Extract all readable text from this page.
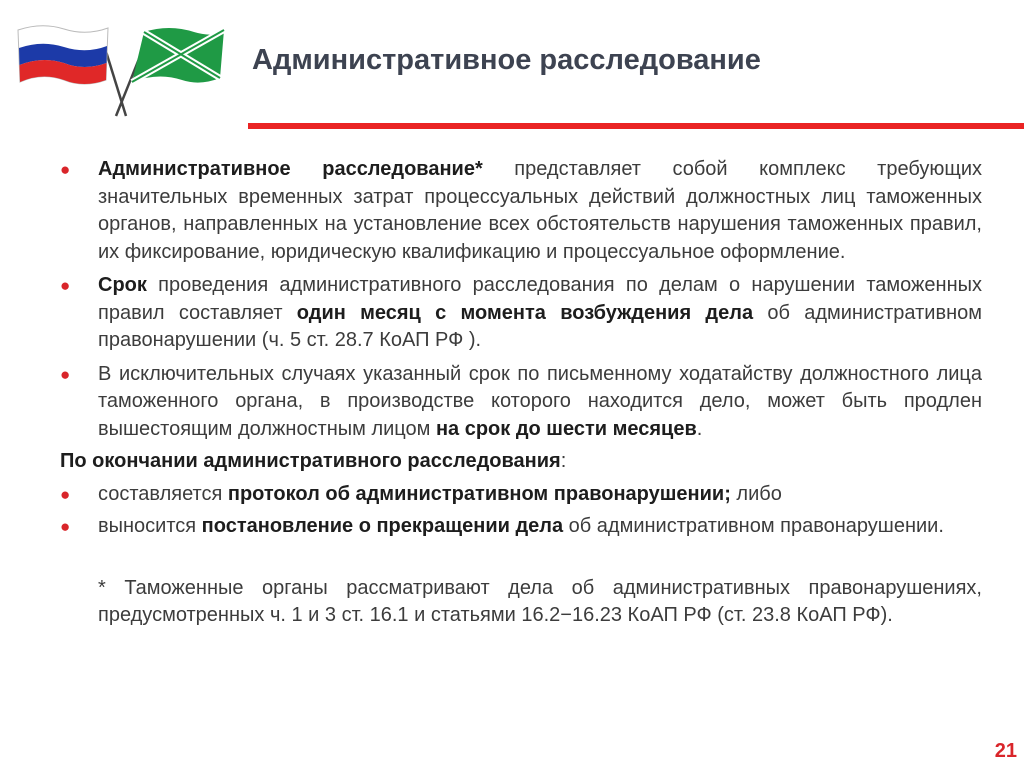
Административное расследование
● Административное расследование* представляет собой комплекс требующих значительных временных затрат процессуальных действий должностных лиц таможенных органов, направленных на установление всех обстоятельств нарушения таможенных правил, их фиксирование, юридическую квалификацию и процессуальное оформление.
● Срок проведения административного расследования по делам о нарушении таможенных правил составляет один месяц с момента возбуждения дела об административном правонарушении (ч. 5 ст. 28.7 КоАП РФ ).
● В исключительных случаях указанный срок по письменному ходатайству должностного лица таможенного органа, в производстве которого находится дело, может быть продлен вышестоящим должностным лицом на срок до шести месяцев.
По окончании административного расследования:
● составляется протокол об административном правонарушении; либо
● выносится постановление о прекращении дела об административном правонарушении.
* Таможенные органы рассматривают дела об административных правонарушениях, предусмотренных ч. 1 и 3 ст. 16.1 и статьями 16.2−16.23 КоАП РФ (ст. 23.8 КоАП РФ).
21
